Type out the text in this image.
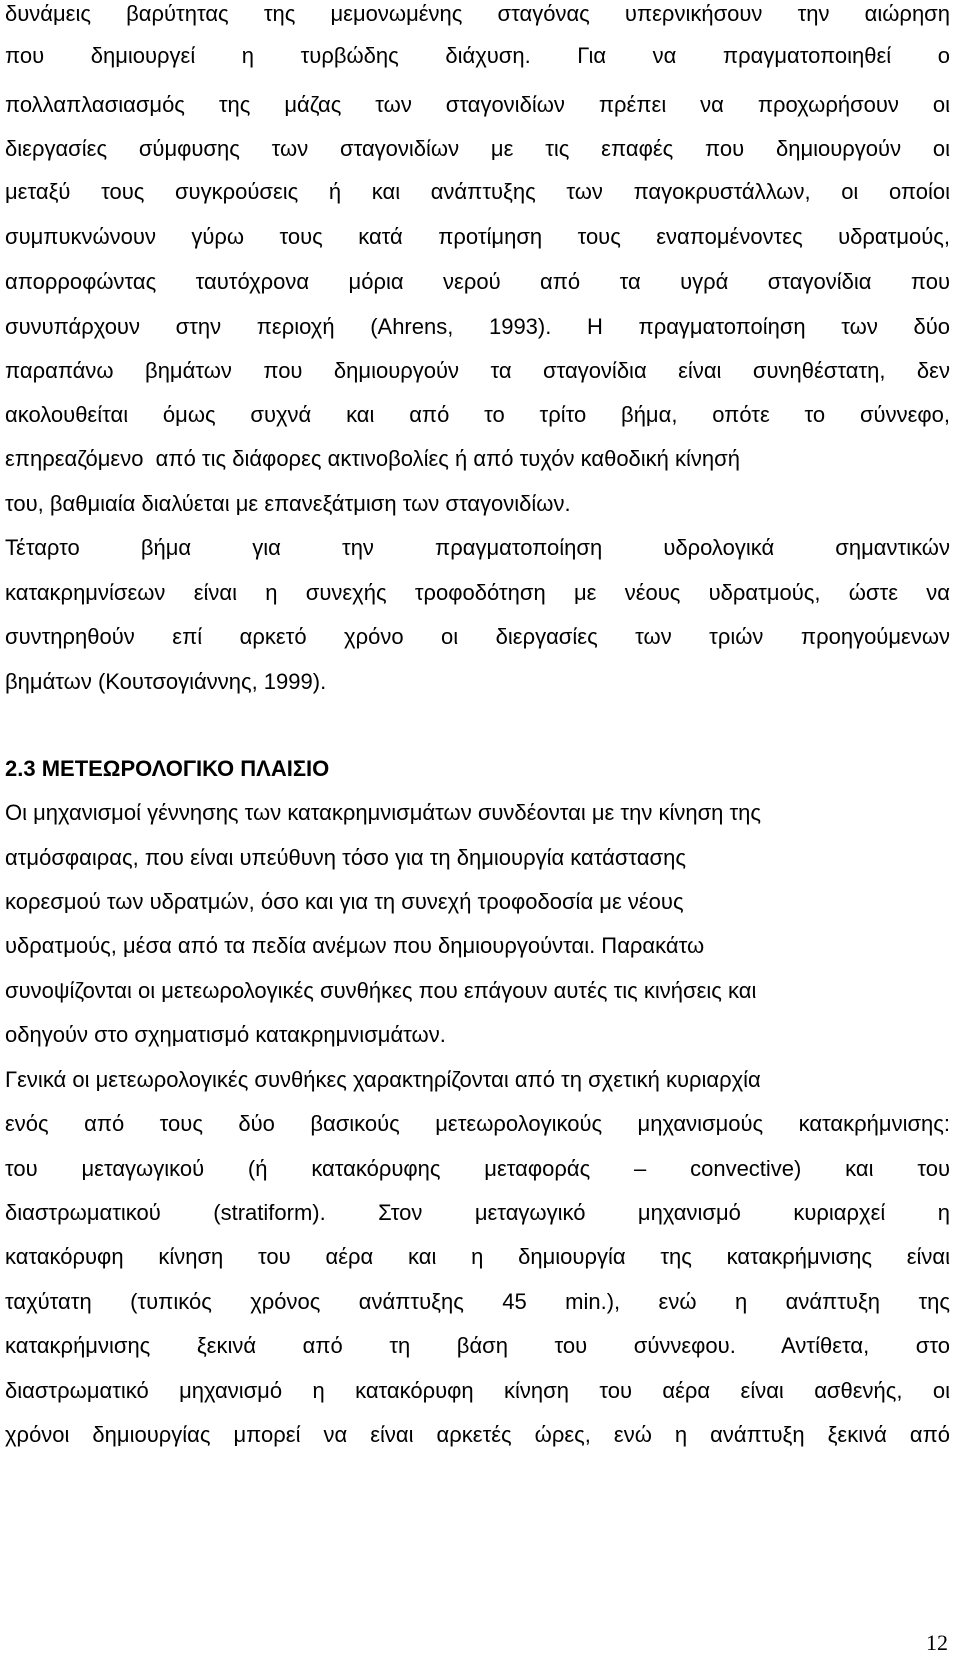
δυνάμεις βαρύτητας της μεμονωμένης σταγόνας υπερνικήσουν την αιώρηση
που δημιουργεί η τυρβώδης διάχυση. Για να πραγματοποιηθεί ο
πολλαπλασιασμός της μάζας των σταγονιδίων πρέπει να προχωρήσουν οι
διεργασίες σύμφυσης των σταγονιδίων με τις επαφές που δημιουργούν οι
μεταξύ τους συγκρούσεις ή και ανάπτυξης των παγοκρυστάλλων, οι οποίοι
συμπυκνώνουν γύρω τους κατά προτίμηση τους εναπομένοντες υδρατμούς,
απορροφώντας ταυτόχρονα μόρια νερού από τα υγρά σταγονίδια που
συνυπάρχουν στην περιοχή (Ahrens, 1993). Η πραγματοποίηση των δύο
παραπάνω βημάτων που δημιουργούν τα σταγονίδια είναι συνηθέστατη, δεν
ακολουθείται όμως συχνά και από το τρίτο βήμα, οπότε το σύννεφο,
επηρεαζόμενο  από τις διάφορες ακτινοβολίες ή από τυχόν καθοδική κίνησή
του, βαθμιαία διαλύεται με επανεξάτμιση των σταγονιδίων.
Τέταρτο βήμα για την πραγματοποίηση υδρολογικά σημαντικών
κατακρημνίσεων είναι η συνεχής τροφοδότηση με νέους υδρατμούς, ώστε να
συντηρηθούν επί αρκετό χρόνο οι διεργασίες των τριών προηγούμενων
βημάτων (Κουτσογιάννης, 1999).
2.3 ΜΕΤΕΩΡΟΛΟΓΙΚΟ ΠΛΑΙΣΙΟ
Οι μηχανισμοί γέννησης των κατακρημνισμάτων συνδέονται με την κίνηση της
ατμόσφαιρας, που είναι υπεύθυνη τόσο για τη δημιουργία κατάστασης
κορεσμού των υδρατμών, όσο και για τη συνεχή τροφοδοσία με νέους
υδρατμούς, μέσα από τα πεδία ανέμων που δημιουργούνται. Παρακάτω
συνοψίζονται οι μετεωρολογικές συνθήκες που επάγουν αυτές τις κινήσεις και
οδηγούν στο σχηματισμό κατακρημνισμάτων.
Γενικά οι μετεωρολογικές συνθήκες χαρακτηρίζονται από τη σχετική κυριαρχία
ενός από τους δύο βασικούς μετεωρολογικούς μηχανισμούς κατακρήμνισης:
του μεταγωγικού (ή κατακόρυφης μεταφοράς – convective) και του
διαστρωματικού (stratiform). Στον μεταγωγικό μηχανισμό κυριαρχεί η
κατακόρυφη κίνηση του αέρα και η δημιουργία της κατακρήμνισης είναι
ταχύτατη (τυπικός χρόνος ανάπτυξης 45 min.), ενώ η ανάπτυξη της
κατακρήμνισης ξεκινά από τη βάση του σύννεφου. Αντίθετα, στο
διαστρωματικό μηχανισμό η κατακόρυφη κίνηση του αέρα είναι ασθενής, οι
χρόνοι δημιουργίας μπορεί να είναι αρκετές ώρες, ενώ η ανάπτυξη ξεκινά από
12
